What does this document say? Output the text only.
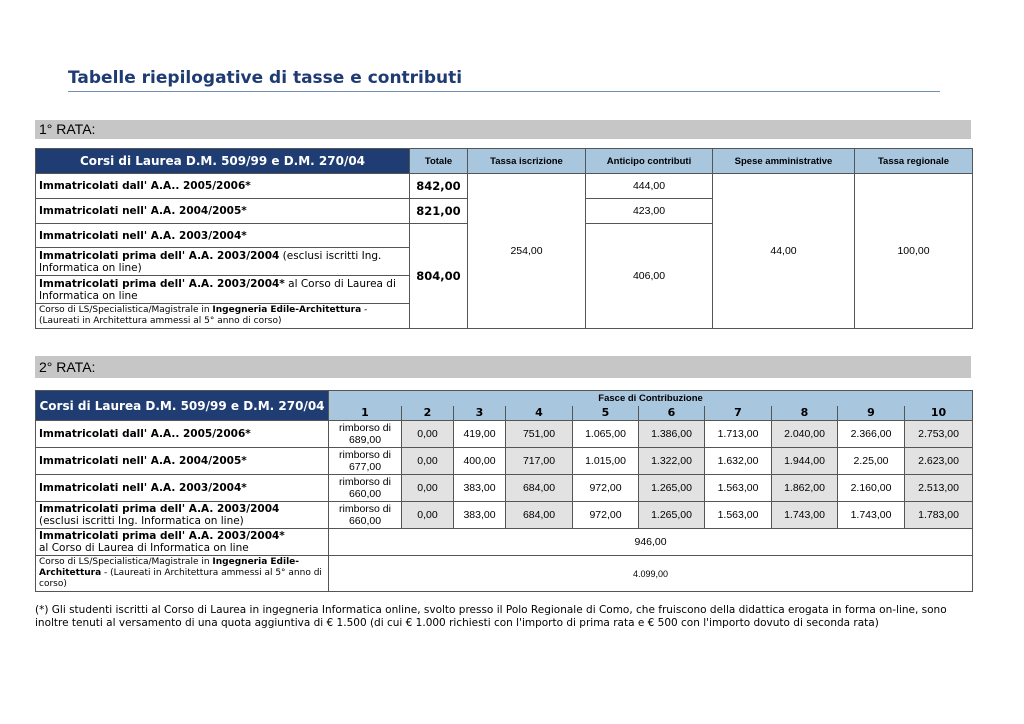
Tabelle riepilogative di tasse e contributi
1° RATA:
Corsi di Laurea D.M. 509/99 e D.M. 270/04	Totale	Tassa iscrizione	Anticipo contributi	Spese amministrative	Tassa regionale
Immatricolati dall' A.A.. 2005/2006*	842,00	254,00	444,00	44,00	100,00
Immatricolati nell' A.A. 2004/2005*	821,00		423,00		
Immatricolati nell' A.A. 2003/2004*	804,00		406,00		
Immatricolati prima dell' A.A. 2003/2004 (esclusi iscritti Ing. Informatica on line)					
Immatricolati prima dell' A.A. 2003/2004* al Corso di Laurea di Informatica on line					
Corso di LS/Specialistica/Magistrale in Ingegneria Edile-Architettura - (Laureati in Architettura ammessi al 5° anno di corso)					
2° RATA:
Corsi di Laurea D.M. 509/99 e D.M. 270/04	Fasce di Contribuzione									
	1	2	3	4	5	6	7	8	9	10
Immatricolati dall' A.A.. 2005/2006*	rimborso di 689,00	0,00	419,00	751,00	1.065,00	1.386,00	1.713,00	2.040,00	2.366,00	2.753,00
Immatricolati nell' A.A. 2004/2005*	rimborso di 677,00	0,00	400,00	717,00	1.015,00	1.322,00	1.632,00	1.944,00	2.25,00	2.623,00
Immatricolati nell' A.A. 2003/2004*	rimborso di 660,00	0,00	383,00	684,00	972,00	1.265,00	1.563,00	1.862,00	2.160,00	2.513,00
Immatricolati prima dell' A.A. 2003/2004
(esclusi iscritti Ing. Informatica on line)	rimborso di 660,00	0,00	383,00	684,00	972,00	1.265,00	1.563,00	1.743,00	1.743,00	1.783,00
Immatricolati prima dell' A.A. 2003/2004*
al Corso di Laurea di Informatica on line	946,00									
Corso di LS/Specialistica/Magistrale in Ingegneria Edile-Architettura - (Laureati in Architettura ammessi al 5° anno di corso)	4.099,00									
(*) Gli studenti iscritti al Corso di Laurea in ingegneria Informatica online, svolto presso il Polo Regionale di Como, che fruiscono della didattica erogata in forma on-line, sono inoltre tenuti al versamento di una quota aggiuntiva di € 1.500 (di cui € 1.000 richiesti con l'importo di prima rata e € 500 con l'importo dovuto di seconda rata)
